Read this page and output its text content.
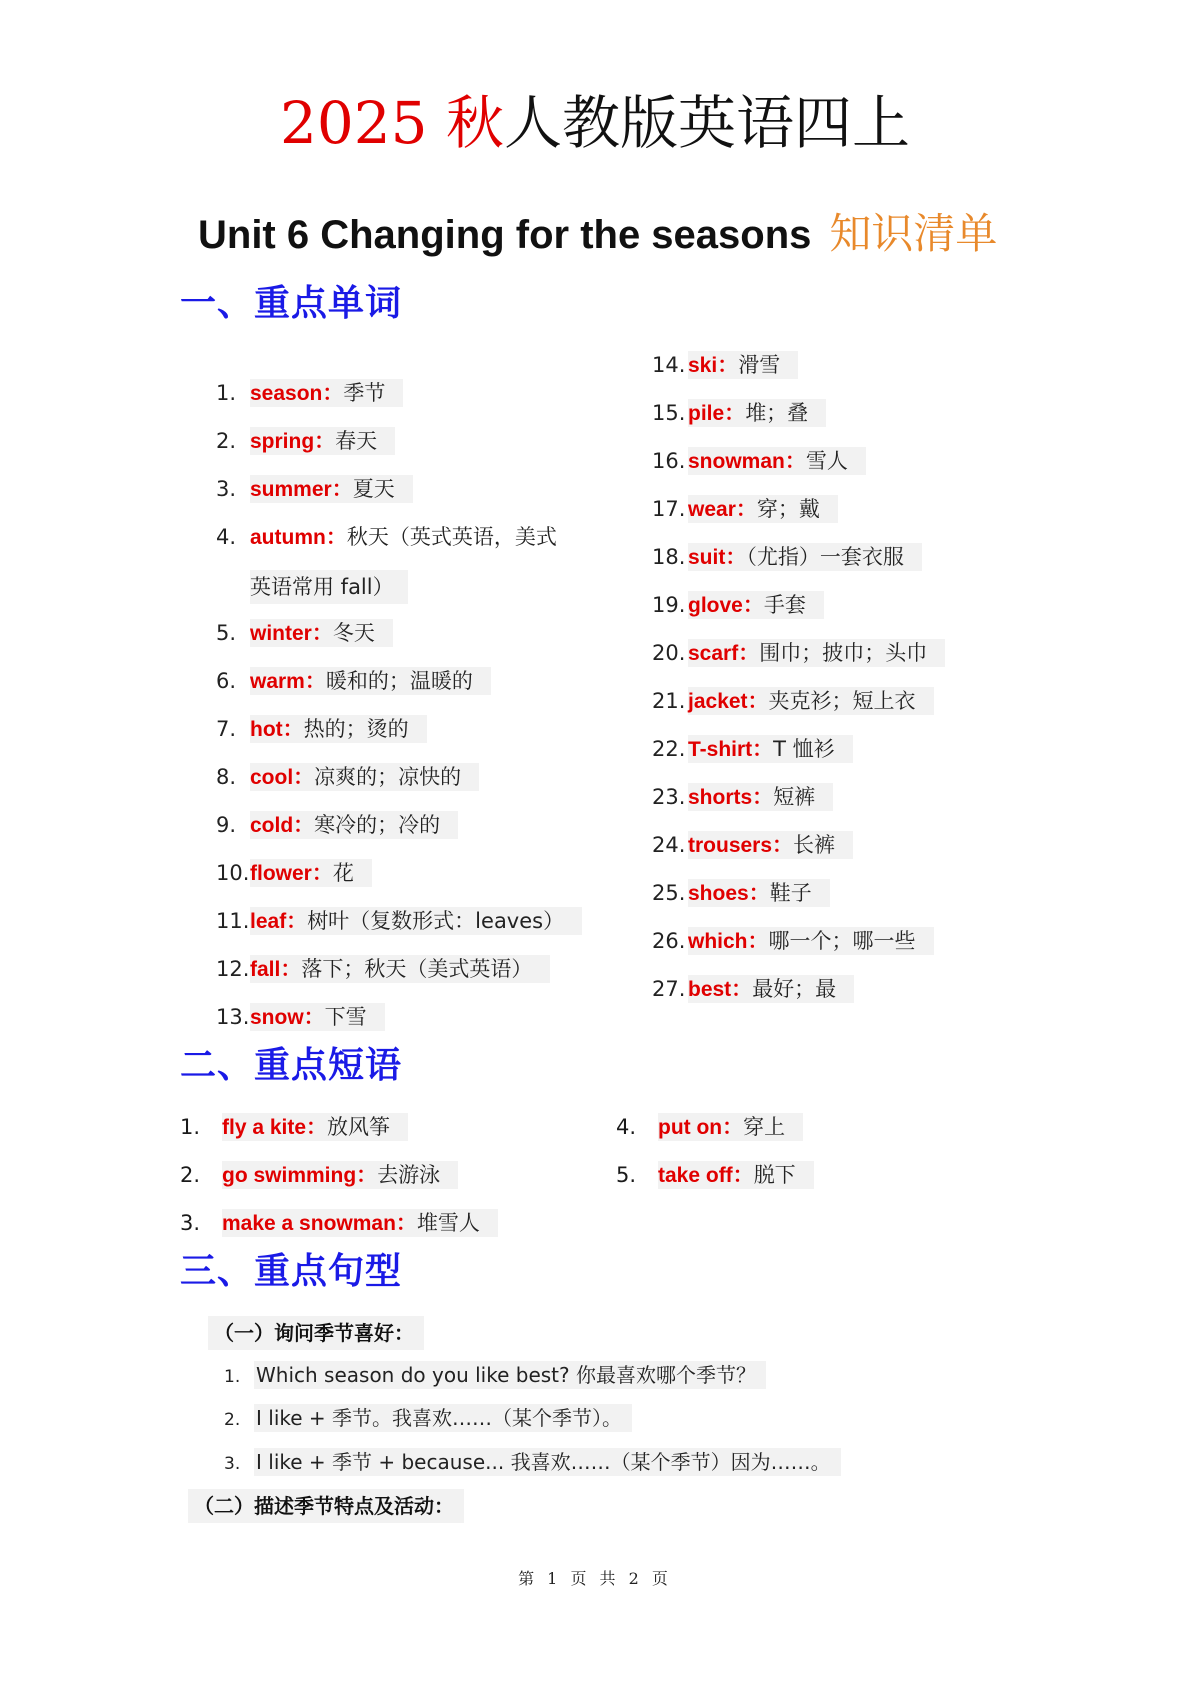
2025 秋人教版英语四上
Unit 6 Changing for the seasons 知识清单
一、重点单词
1. season：季节
2. spring：春天
3. summer：夏天
4. autumn：秋天（英式英语，美式
英语常用 fall）
5. winter：冬天
6. warm：暖和的；温暖的
7. hot：热的；烫的
8. cool：凉爽的；凉快的
9. cold：寒冷的；冷的
10.flower：花
11.leaf：树叶（复数形式：leaves）
12.fall：落下；秋天（美式英语）
13.snow：下雪
14. ski：滑雪
15. pile：堆；叠
16. snowman：雪人
17. wear：穿；戴
18. suit：（尤指）一套衣服
19. glove：手套
20. scarf：围巾；披巾；头巾
21. jacket：夹克衫；短上衣
22. T-shirt：T 恤衫
23. shorts：短裤
24. trousers：长裤
25. shoes：鞋子
26. which：哪一个；哪一些
27. best：最好；最
二、重点短语
1. fly a kite：放风筝
2. go swimming：去游泳
3. make a snowman：堆雪人
4. put on：穿上
5. take off：脱下
三、重点句型
（一）询问季节喜好：
1. Which season do you like best? 你最喜欢哪个季节？
2. I like + 季节。我喜欢……（某个季节）。
3. I like + 季节 + because... 我喜欢……（某个季节）因为……。
（二）描述季节特点及活动：
第 1 页 共 2 页
